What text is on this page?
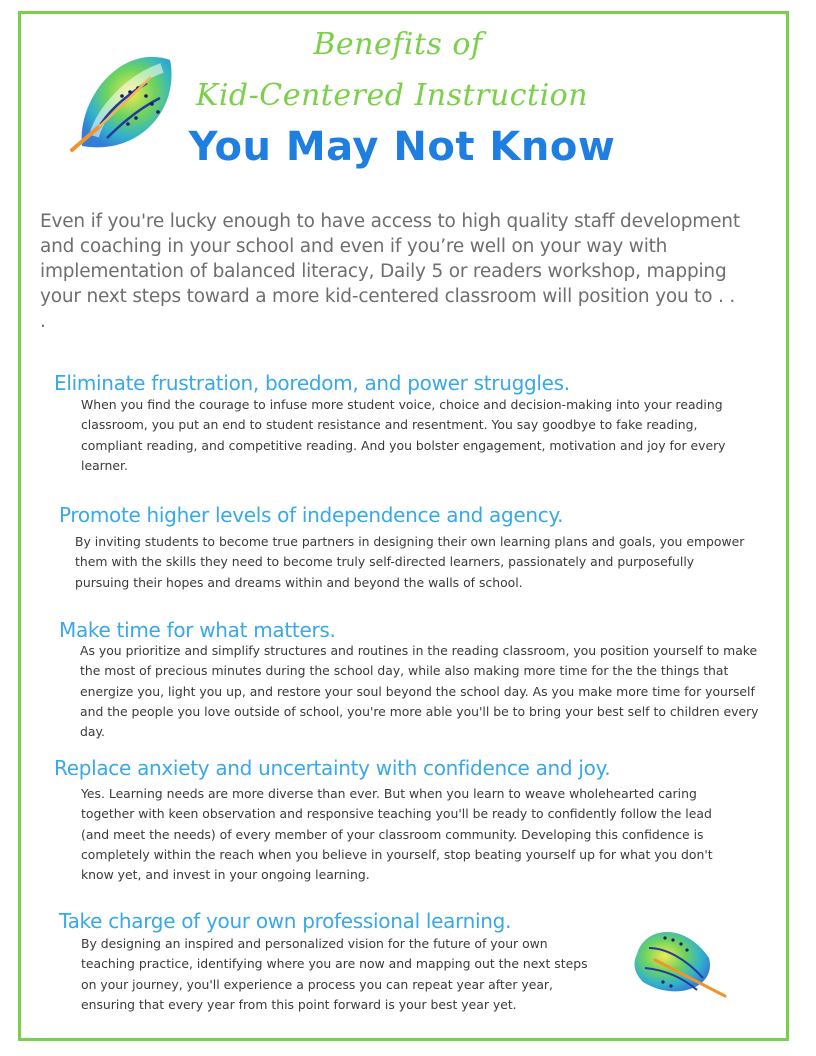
Benefits of
Kid-Centered Instruction
You May Not Know
Even if you're lucky enough to have access to high quality staff development and coaching in your school and even if you’re well on your way with implementation of balanced literacy, Daily 5 or readers workshop, mapping your next steps toward a more kid-centered classroom will position you to . . .
Eliminate frustration, boredom, and power struggles.
When you find the courage to infuse more student voice, choice and decision-making into your reading classroom, you put an end to student resistance and resentment. You say goodbye to fake reading, compliant reading, and competitive reading. And you bolster engagement, motivation and joy for every learner.
Promote higher levels of independence and agency.
By inviting students to become true partners in designing their own learning plans and goals, you empower them with the skills they need to become truly self-directed learners, passionately and purposefully pursuing their hopes and dreams within and beyond the walls of school.
Make time for what matters.
As you prioritize and simplify structures and routines in the reading classroom, you position yourself to make the most of precious minutes during the school day, while also making more time for the the things that energize you, light you up, and restore your soul beyond the school day. As you make more time for yourself and the people you love outside of school, you're more able you'll be to bring your best self to children every day.
Replace anxiety and uncertainty with confidence and joy.
Yes. Learning needs are more diverse than ever. But when you learn to weave wholehearted caring together with keen observation and responsive teaching you'll be ready to confidently follow the lead (and meet the needs) of every member of your classroom community. Developing this confidence is completely within the reach when you believe in yourself, stop beating yourself up for what you don't know yet, and invest in your ongoing learning.
Take charge of your own professional learning.
By designing an inspired and personalized vision for the future of your own teaching practice, identifying where you are now and mapping out the next steps on your journey, you'll experience a process you can repeat year after year, ensuring that every year from this point forward is your best year yet.
